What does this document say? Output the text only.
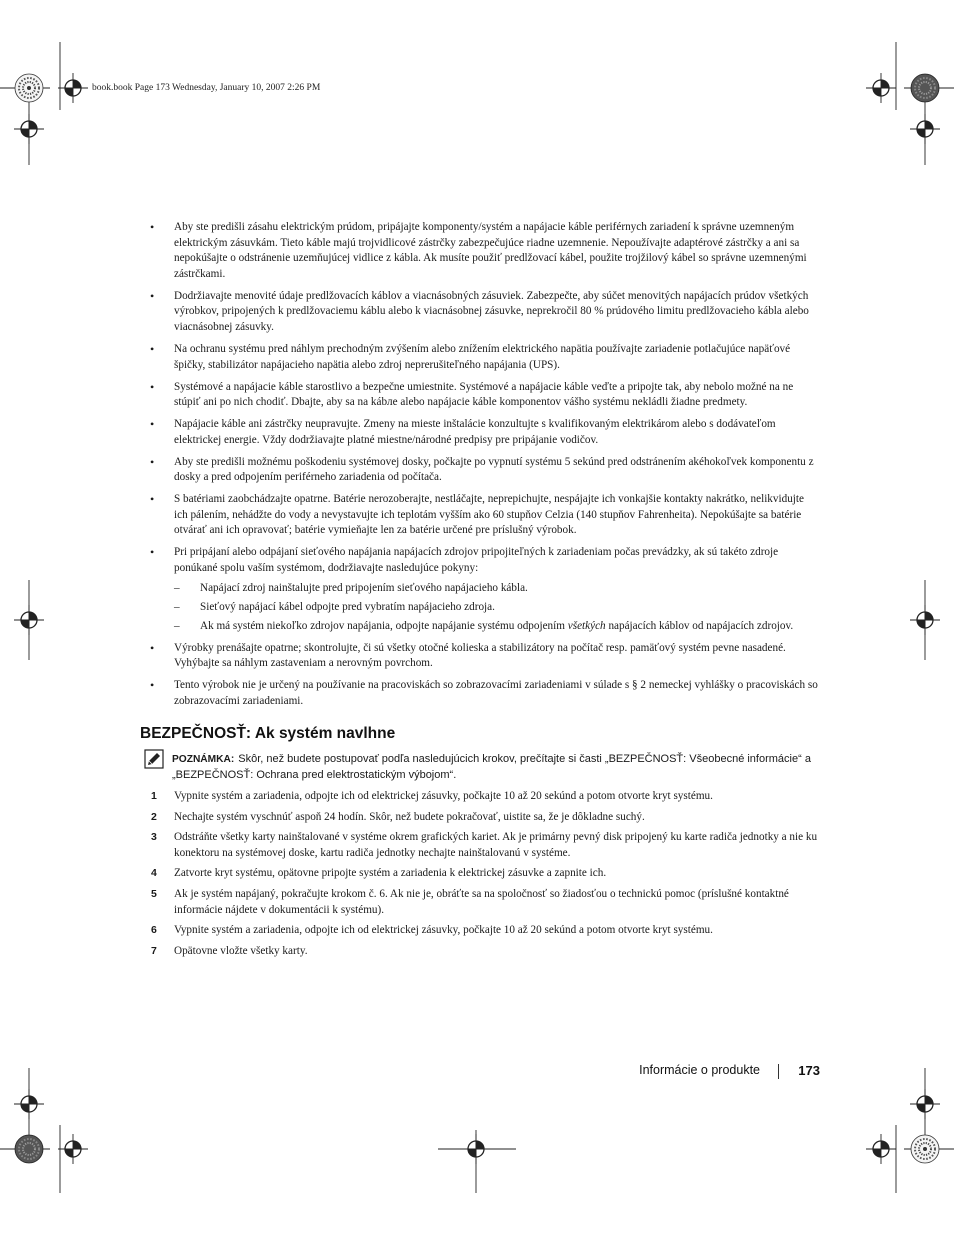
book.book Page 173 Wednesday, January 10, 2007 2:26 PM
• Aby ste predišli zásahu elektrickým prúdom, pripájajte komponenty/systém a napájacie káble periférnych zariadení k správne uzemneným elektrickým zásuvkám. Tieto káble majú trojvidlicové zástrčky zabezpečujúce riadne uzemnenie. Nepoužívajte adaptérové zástrčky a ani sa nepokúšajte o odstránenie uzemňujúcej vidlice z kábla. Ak musíte použiť predlžovací kábel, použite trojžilový kábel so správne uzemnenými zástrčkami.
• Dodržiavajte menovité údaje predlžovacích káblov a viacnásobných zásuviek. Zabezpečte, aby súčet menovitých napájacích prúdov všetkých výrobkov, pripojených k predlžovaciemu káblu alebo k viacnásobnej zásuvke, neprekročil 80 % prúdového limitu predlžovacieho kábla alebo viacnásobnej zásuvky.
• Na ochranu systému pred náhlym prechodným zvýšením alebo znížením elektrického napätia používajte zariadenie potlačujúce napäťové špičky, stabilizátor napájacieho napätia alebo zdroj neprerušiteľného napájania (UPS).
• Systémové a napájacie káble starostlivo a bezpečne umiestnite. Systémové a napájacie káble veďte a pripojte tak, aby nebolo možné na ne stúpiť ani po nich chodiť. Dbajte, aby sa na kábле alebo napájacie káble komponentov vášho systému nekládli žiadne predmety.
• Napájacie káble ani zástrčky neupravujte. Zmeny na mieste inštalácie konzultujte s kvalifikovaným elektrikárom alebo s dodávateľom elektrickej energie. Vždy dodržiavajte platné miestne/národné predpisy pre pripájanie vodičov.
• Aby ste predišli možnému poškodeniu systémovej dosky, počkajte po vypnutí systému 5 sekúnd pred odstránením akéhokoľvek komponentu z dosky a pred odpojením periférneho zariadenia od počítača.
• S batériami zaobchádzajte opatrne. Batérie nerozoberajte, nestláčajte, neprepichujte, nespájajte ich vonkajšie kontakty nakrátko, nelikvidujte ich pálením, nehádžte do vody a nevystavujte ich teplotám vyšším ako 60 stupňov Celzia (140 stupňov Fahrenheita). Nepokúšajte sa batérie otvárať ani ich opravovať; batérie vymieňajte len za batérie určené pre príslušný výrobok.
• Pri pripájaní alebo odpájaní sieťového napájania napájacích zdrojov pripojiteľných k zariadeniam počas prevádzky, ak sú takéto zdroje ponúkané spolu vaším systémom, dodržiavajte nasledujúce pokyny:
– Napájací zdroj nainštalujte pred pripojením sieťového napájacieho kábla.
– Sieťový napájací kábel odpojte pred vybratím napájacieho zdroja.
– Ak má systém niekoľko zdrojov napájania, odpojte napájanie systému odpojením všetkých napájacích káblov od napájacích zdrojov.
• Výrobky prenášajte opatrne; skontrolujte, či sú všetky otočné kolieska a stabilizátory na počítač resp. pamäťový systém pevne nasadené. Vyhýbajte sa náhlym zastaveniam a nerovným povrchom.
• Tento výrobok nie je určený na používanie na pracoviskách so zobrazovacími zariadeniami v súlade s § 2 nemeckej vyhlášky o pracoviskách so zobrazovacími zariadeniami.
BEZPEČNOSŤ: Ak systém navlhne
POZNÁMKA: Skôr, než budete postupovať podľa nasledujúcich krokov, prečítajte si časti „BEZPEČNOSŤ: Všeobecné informácie“ a „BEZPEČNOSŤ: Ochrana pred elektrostatickým výbojom“.
1 Vypnite systém a zariadenia, odpojte ich od elektrickej zásuvky, počkajte 10 až 20 sekúnd a potom otvorte kryt systému.
2 Nechajte systém vyschnúť aspoň 24 hodín. Skôr, než budete pokračovať, uistite sa, že je dôkladne suchý.
3 Odstráňte všetky karty nainštalované v systéme okrem grafických kariet. Ak je primárny pevný disk pripojený ku karte radiča jednotky a nie ku konektoru na systémovej doske, kartu radiča jednotky nechajte nainštalovanú v systéme.
4 Zatvorte kryt systému, opätovne pripojte systém a zariadenia k elektrickej zásuvke a zapnite ich.
5 Ak je systém napájaný, pokračujte krokom č. 6. Ak nie je, obráťte sa na spoločnosť so žiadosťou o technickú pomoc (príslušné kontaktné informácie nájdete v dokumentácii k systému).
6 Vypnite systém a zariadenia, odpojte ich od elektrickej zásuvky, počkajte 10 až 20 sekúnd a potom otvorte kryt systému.
7 Opätovne vložte všetky karty.
Informácie o produkte	173
